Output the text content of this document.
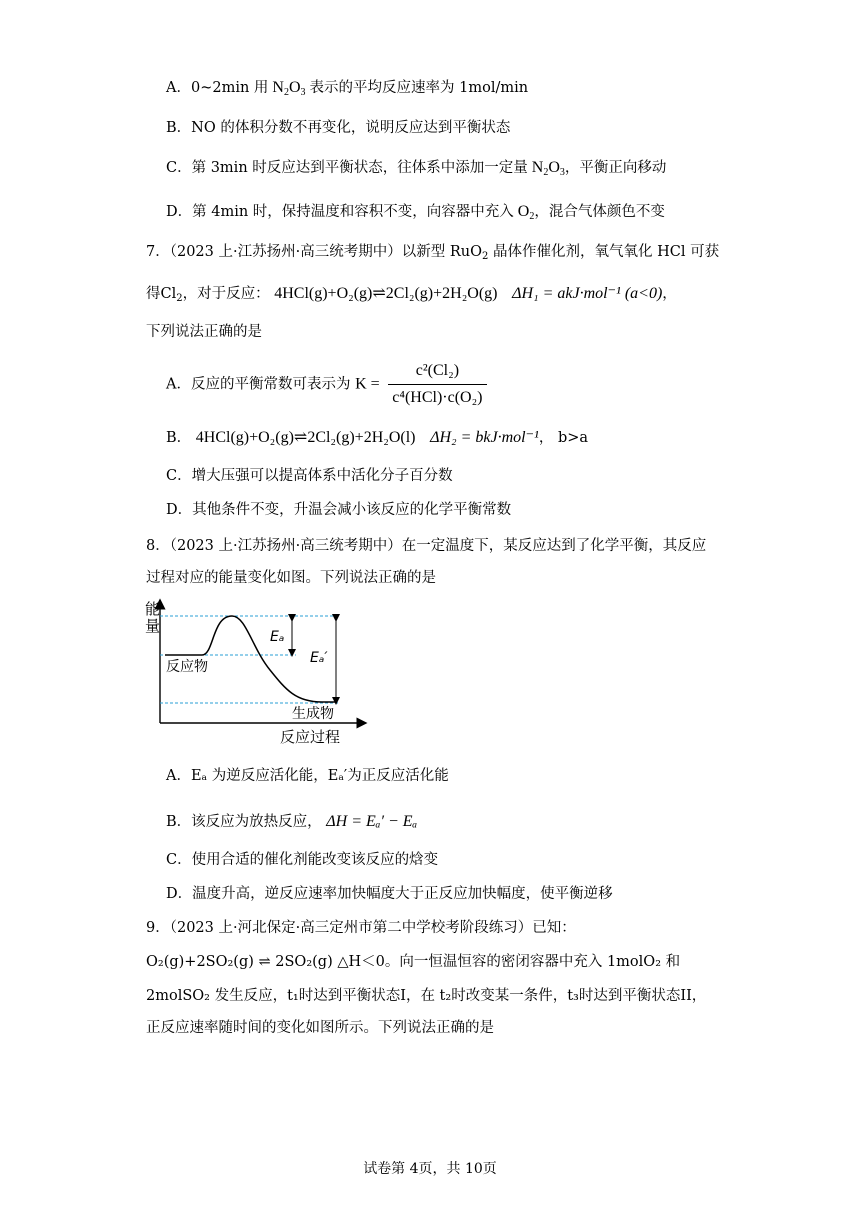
A．0~2min 用 $N_2O_3$ 表示的平均反应速率为 1mol/min
B．NO 的体积分数不再变化，说明反应达到平衡状态
C．第 3min 时反应达到平衡状态，往体系中添加一定量 $N_2O_3$，平衡正向移动
D．第 4min 时，保持温度和容积不变，向容器中充入 $O_2$，混合气体颜色不变
7．（2023 上·江苏扬州·高三统考期中）以新型 RuO$_2$ 晶体作催化剂，氧气氧化 HCl 可获
得$Cl_2$，对于反应： 4HCl(g)+O₂(g)⇌2Cl₂(g)+2H₂O(g) ΔH₁ = akJ·mol⁻¹ (a<0)，
下列说法正确的是
A．反应的平衡常数可表示为 $K = \frac{\text{c²(Cl₂)}}{\text{c⁴(HCl)·c(O₂)}}$
B． 4HCl(g)+O₂(g)⇌2Cl₂(g)+2H₂O(l) ΔH₂ = bkJ·mol⁻¹， b>a
C．增大压强可以提高体系中活化分子百分数
D．其他条件不变，升温会减小该反应的化学平衡常数
8．（2023 上·江苏扬州·高三统考期中）在一定温度下，某反应达到了化学平衡，其反应
过程对应的能量变化如图。下列说法正确的是
能
量
反应物
生成物
Eₐ
Eₐ′
反应过程
A．Eₐ 为逆反应活化能，Eₐ′为正反应活化能
B．该反应为放热反应， ΔH = Eₐ′ − Eₐ
C．使用合适的催化剂能改变该反应的焓变
D．温度升高，逆反应速率加快幅度大于正反应加快幅度，使平衡逆移
9．（2023 上·河北保定·高三定州市第二中学校考阶段练习）已知：
O₂(g)+2SO₂(g) ⇌ 2SO₂(g) △H＜0。向一恒温恒容的密闭容器中充入 1molO₂ 和
2molSO₂ 发生反应，t₁时达到平衡状态I，在 t₂时改变某一条件，t₃时达到平衡状态II，
正反应速率随时间的变化如图所示。下列说法正确的是
试卷第 4页，共 10页
